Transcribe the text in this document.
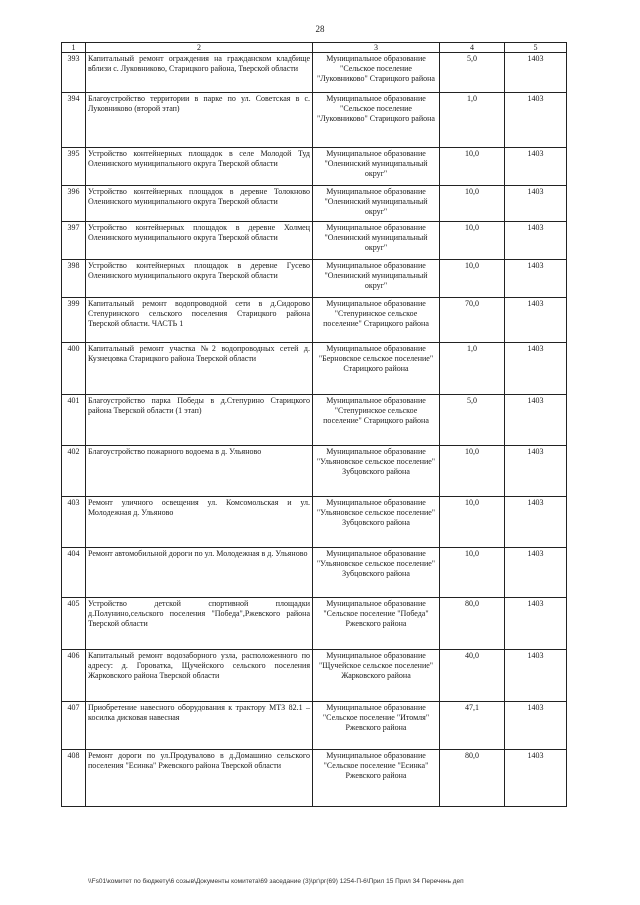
28
1	2	3	4	5
393	Капитальный ремонт ограждения на гражданском кладбище вблизи с. Луковниково, Старицкого района, Тверской области	Муниципальное образование "Сельское поселение "Луковниково" Старицкого района	5,0	1403
394	Благоустройство территории в парке по ул. Советская в с. Луковниково (второй этап)	Муниципальное образование "Сельское поселение "Луковниково" Старицкого района	1,0	1403
395	Устройство контейнерных площадок в селе Молодой Туд Оленинского муниципального округа Тверской области	Муниципальное образование "Оленинский муниципальный округ"	10,0	1403
396	Устройство контейнерных площадок в деревне Толокново Оленинского муниципального округа Тверской области	Муниципальное образование "Оленинский муниципальный округ"	10,0	1403
397	Устройство контейнерных площадок в деревне Холмец Оленинского муниципального округа Тверской области	Муниципальное образование "Оленинский муниципальный округ"	10,0	1403
398	Устройство контейнерных площадок в деревне Гусево Оленинского муниципального округа Тверской области	Муниципальное образование "Оленинский муниципальный округ"	10,0	1403
399	Капитальный ремонт водопроводной сети в д.Сидорово Степуринского сельского поселения Старицкого района Тверской области. ЧАСТЬ 1	Муниципальное образование "Степуринское сельское поселение" Старицкого района	70,0	1403
400	Капитальный ремонт участка №2 водопроводных сетей д. Кузнецовка Старицкого района Тверской области	Муниципальное образование "Берновское сельское поселение" Старицкого района	1,0	1403
401	Благоустройство парка Победы в д.Степурино Старицкого района Тверской области (1 этап)	Муниципальное образование "Степуринское сельское поселение" Старицкого района	5,0	1403
402	Благоустройство пожарного водоема в д. Ульяново	Муниципальное образование "Ульяновское сельское поселение" Зубцовского района	10,0	1403
403	Ремонт уличного освещения ул. Комсомольская и ул. Молодежная д. Ульяново	Муниципальное образование "Ульяновское сельское поселение" Зубцовского района	10,0	1403
404	Ремонт автомобильной дороги по ул. Молодежная в д. Ульяново	Муниципальное образование "Ульяновское сельское поселение" Зубцовского района	10,0	1403
405	Устройство детской спортивной площадки д.Полунино,сельского поселения "Победа",Ржевского района Тверской области	Муниципальное образование "Сельское поселение "Победа" Ржевского района	80,0	1403
406	Капитальный ремонт водозаборного узла, расположенного по адресу: д. Горовaтка, Щучейского сельского поселения Жарковского района Тверской области	Муниципальное образование "Щучейское сельское поселение" Жарковского района	40,0	1403
407	Приобретение навесного оборудования к трактору МТЗ 82.1 – косилка дисковая навесная	Муниципальное образование "Сельское поселение "Итомля" Ржевского района	47,1	1403
408	Ремонт дороги по ул.Продувалово в д.Домашино сельского поселения "Есинка" Ржевского района Тверской области	Муниципальное образование "Сельское поселение "Есинка" Ржевского района	80,0	1403
\\Fs01\комитет по бюджету\6 созыв\Документы комитета\69 заседание (3)\рг\рг(69) 1254-П-6\Прил 15 Прил 34 Перечень деп
